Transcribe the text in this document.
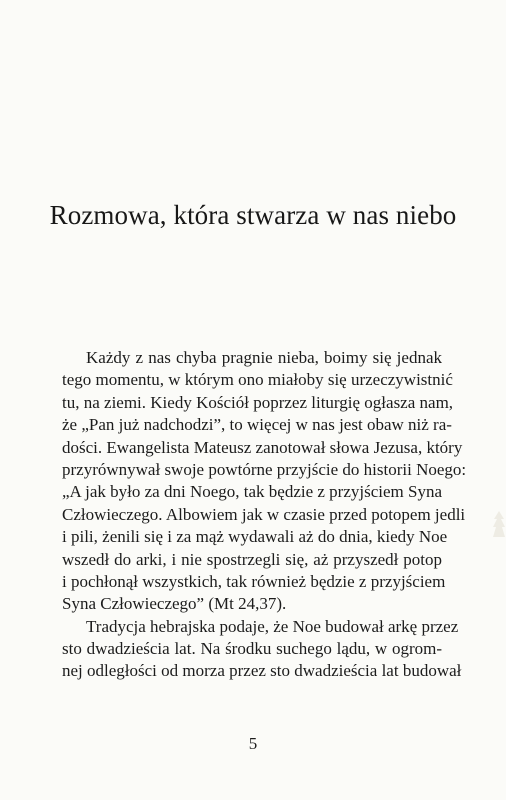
Rozmowa, która stwarza w nas niebo
Każdy z nas chyba pragnie nieba, boimy się jednak
tego momentu, w którym ono miałoby się urzeczywistnić
tu, na ziemi. Kiedy Kościół poprzez liturgię ogłasza nam,
że „Pan już nadchodzi”, to więcej w nas jest obaw niż ra-
dości. Ewangelista Mateusz zanotował słowa Jezusa, który
przyrównywał swoje powtórne przyjście do historii Noego:
„A jak było za dni Noego, tak będzie z przyjściem Syna
Człowieczego. Albowiem jak w czasie przed potopem jedli
i pili, żenili się i za mąż wydawali aż do dnia, kiedy Noe
wszedł do arki, i nie spostrzegli się, aż przyszedł potop
i pochłonął wszystkich, tak również będzie z przyjściem
Syna Człowieczego” (Mt 24,37).
Tradycja hebrajska podaje, że Noe budował arkę przez
sto dwadzieścia lat. Na środku suchego lądu, w ogrom-
nej odległości od morza przez sto dwadzieścia lat budował
5
